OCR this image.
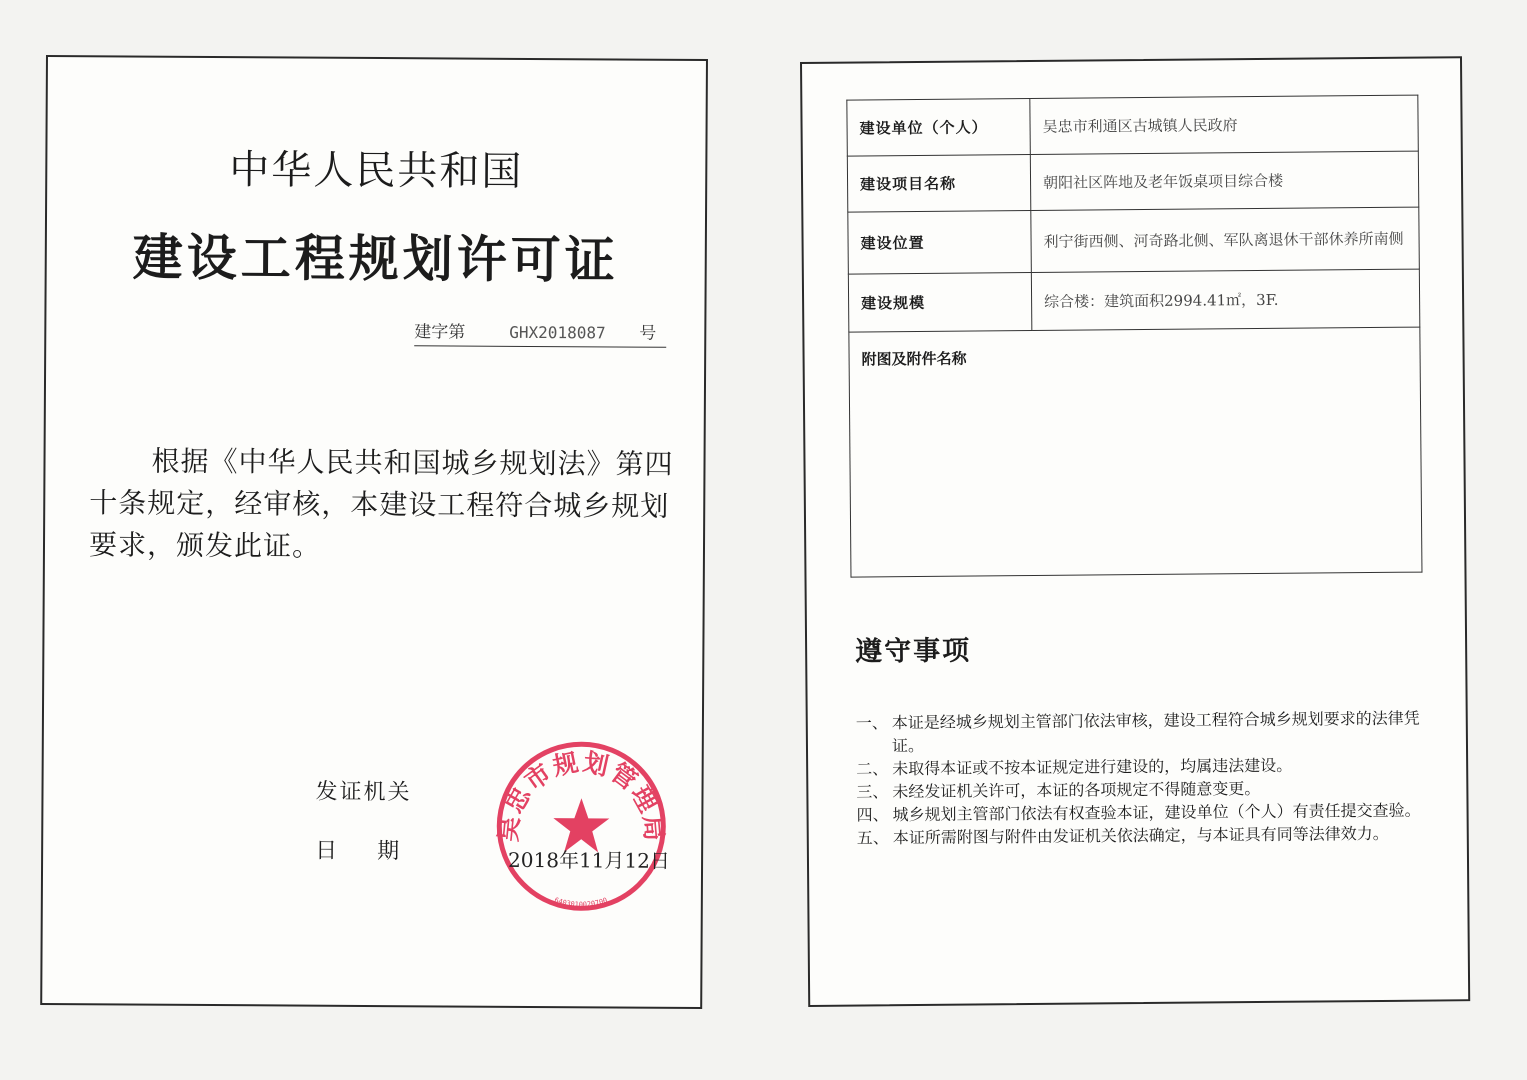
中华人民共和国
建设工程规划许可证
建字第	GHX2018087 号
根据《中华人民共和国城乡规划法》第四十条规定，经审核，本建设工程符合城乡规划要求，颁发此证。
发证机关
日期
吴忠市规划管理局
6403010020700
2018年11月12日
建设单位（个人）	吴忠市利通区古城镇人民政府
建设项目名称	朝阳社区阵地及老年饭桌项目综合楼
建设位置	利宁街西侧、河奇路北侧、军队离退休干部休养所南侧
建设规模	综合楼：建筑面积2994.41㎡，3F.
附图及附件名称	
遵守事项
一、 本证是经城乡规划主管部门依法审核，建设工程符合城乡规划要求的法律凭证。
二、 未取得本证或不按本证规定进行建设的，均属违法建设。
三、 未经发证机关许可，本证的各项规定不得随意变更。
四、 城乡规划主管部门依法有权查验本证，建设单位（个人）有责任提交查验。
五、 本证所需附图与附件由发证机关依法确定，与本证具有同等法律效力。
